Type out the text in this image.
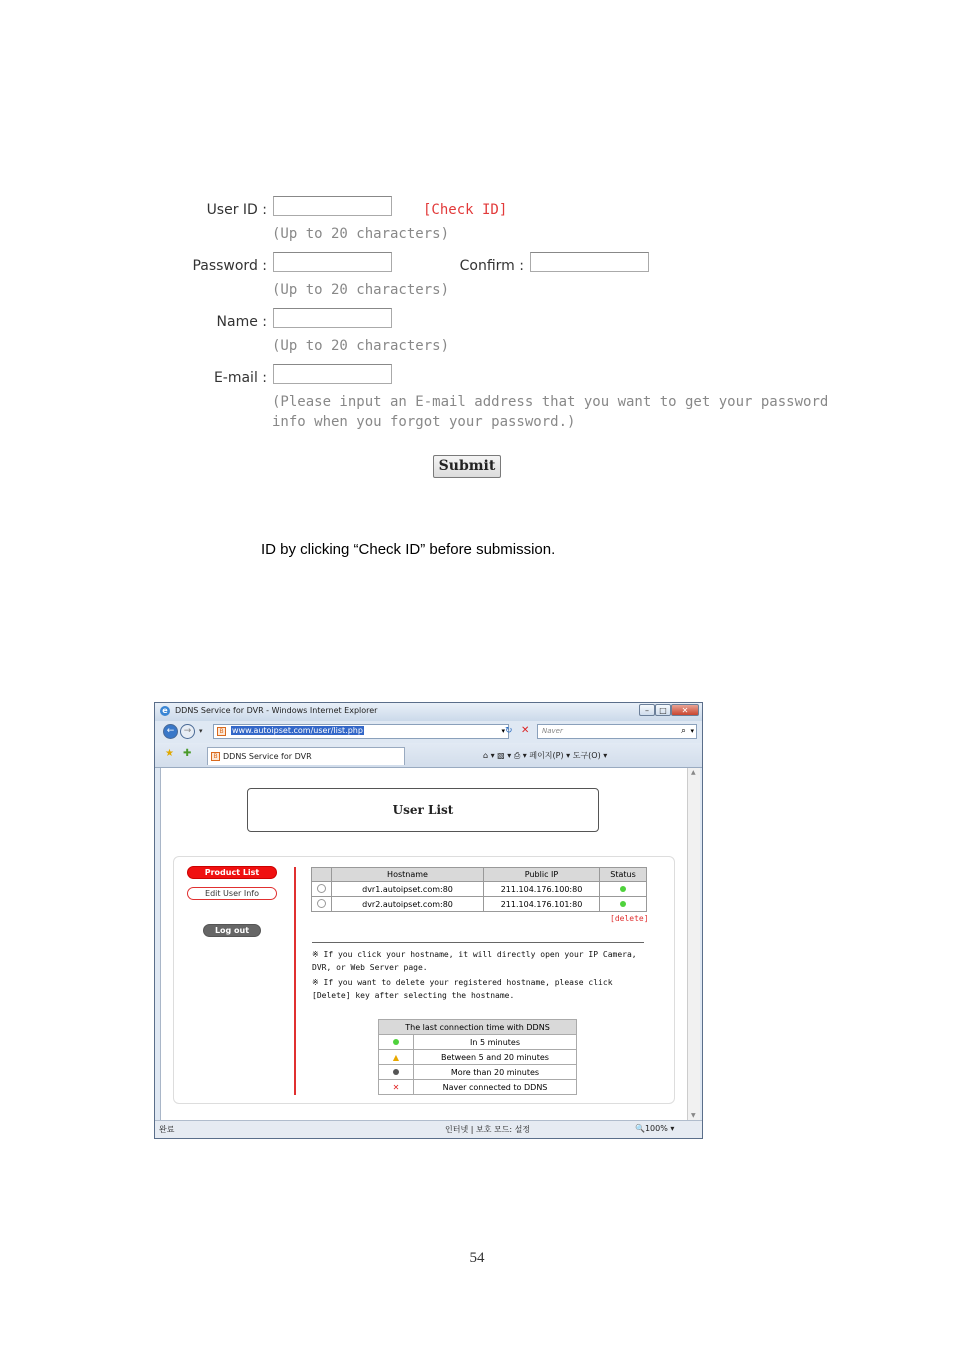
User ID :	[Check ID]
(Up to 20 characters)
Password :	Confirm :
(Up to 20 characters)
Name :
(Up to 20 characters)
E-mail :
(Please input an E-mail address that you want to get your password
info when you forgot your password.)
Submit
ID by clicking “Check ID” before submission.
e DDNS Service for DVR - Windows Internet Explorer	–	□	✕
←	→	▾	B	www.autoipset.com/user/list.php	▾ ↻ ✕ Naver	⌕ ▾
★ ✚	B DDNS Service for DVR	⌂ ▾ ▧ ▾ ⎙ ▾ 페이지(P) ▾ 도구(O) ▾
User List
Product List
Edit User Info
Log out
	Hostname	Public IP	Status
	dvr1.autoipset.com:80	211.104.176.100:80	
	dvr2.autoipset.com:80	211.104.176.101:80	
[delete]
※ If you click your hostname, it will directly open your IP Camera, DVR, or Web Server page.
※ If you want to delete your registered hostname, please click [Delete] key after selecting the hostname.
The last connection time with DDNS	
	In 5 minutes
▲	Between 5 and 20 minutes
	More than 20 minutes
✕	Naver connected to DDNS
▲
▼
완료	인터넷 | 보호 모드: 설정	🔍100% ▾
54
